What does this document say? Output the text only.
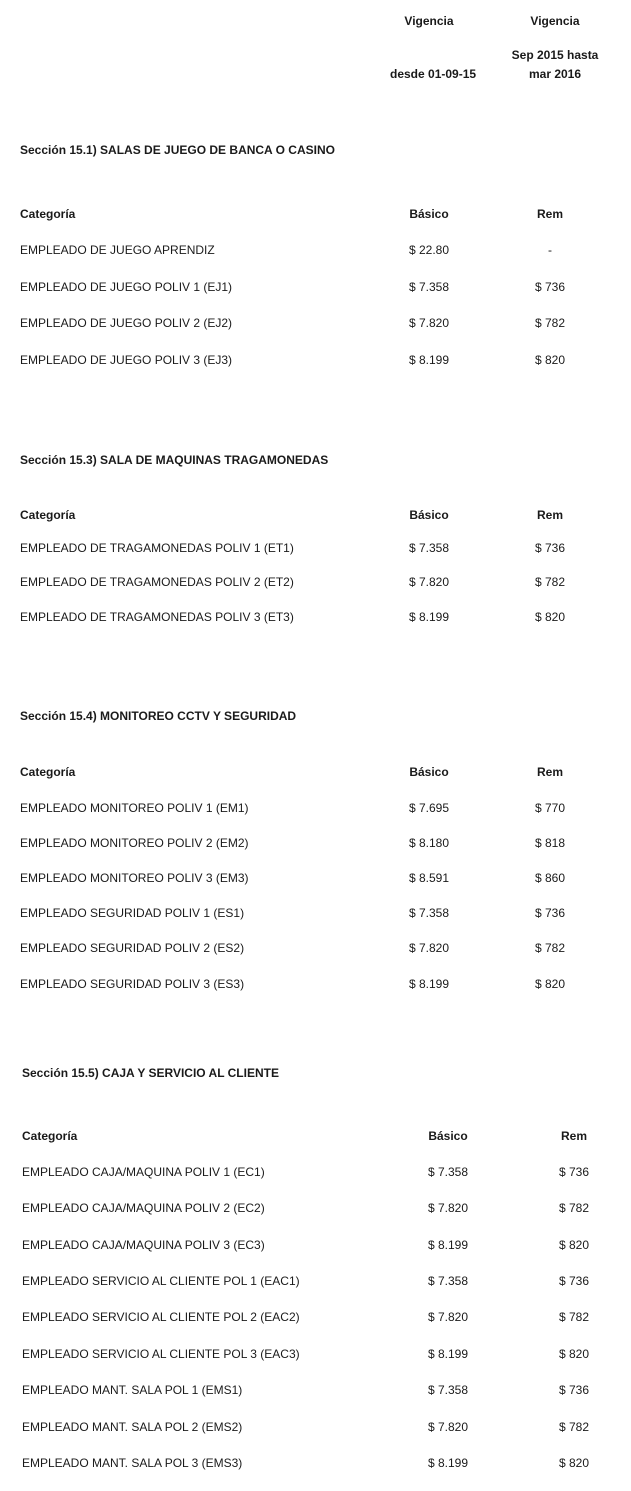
Vigencia
desde 01-09-15
Vigencia
Sep 2015 hasta
mar 2016
Sección 15.1) SALAS DE JUEGO DE BANCA O CASINO
Categoría	Básico	Rem
EMPLEADO DE JUEGO APRENDIZ	$ 22.80	-
EMPLEADO DE JUEGO POLIV 1 (EJ1)	$ 7.358	$ 736
EMPLEADO DE JUEGO POLIV 2 (EJ2)	$ 7.820	$ 782
EMPLEADO DE JUEGO POLIV 3 (EJ3)	$ 8.199	$ 820
Sección 15.3) SALA DE MAQUINAS TRAGAMONEDAS
Categoría	Básico	Rem
EMPLEADO DE TRAGAMONEDAS POLIV 1 (ET1)	$ 7.358	$ 736
EMPLEADO DE TRAGAMONEDAS POLIV 2 (ET2)	$ 7.820	$ 782
EMPLEADO DE TRAGAMONEDAS POLIV 3 (ET3)	$ 8.199	$ 820
Sección 15.4) MONITOREO CCTV Y SEGURIDAD
Categoría	Básico	Rem
EMPLEADO MONITOREO POLIV 1 (EM1)	$ 7.695	$ 770
EMPLEADO MONITOREO POLIV 2 (EM2)	$ 8.180	$ 818
EMPLEADO MONITOREO POLIV 3 (EM3)	$ 8.591	$ 860
EMPLEADO SEGURIDAD POLIV 1 (ES1)	$ 7.358	$ 736
EMPLEADO SEGURIDAD POLIV 2 (ES2)	$ 7.820	$ 782
EMPLEADO SEGURIDAD POLIV 3 (ES3)	$ 8.199	$ 820
Sección 15.5) CAJA Y SERVICIO AL CLIENTE
Categoría	Básico	Rem
EMPLEADO CAJA/MAQUINA POLIV 1 (EC1)	$ 7.358	$ 736
EMPLEADO CAJA/MAQUINA POLIV 2 (EC2)	$ 7.820	$ 782
EMPLEADO CAJA/MAQUINA POLIV 3 (EC3)	$ 8.199	$ 820
EMPLEADO SERVICIO AL CLIENTE POL 1 (EAC1)	$ 7.358	$ 736
EMPLEADO SERVICIO AL CLIENTE POL 2 (EAC2)	$ 7.820	$ 782
EMPLEADO SERVICIO AL CLIENTE POL 3 (EAC3)	$ 8.199	$ 820
EMPLEADO MANT. SALA POL 1 (EMS1)	$ 7.358	$ 736
EMPLEADO MANT. SALA POL 2 (EMS2)	$ 7.820	$ 782
EMPLEADO MANT. SALA POL 3 (EMS3)	$ 8.199	$ 820
